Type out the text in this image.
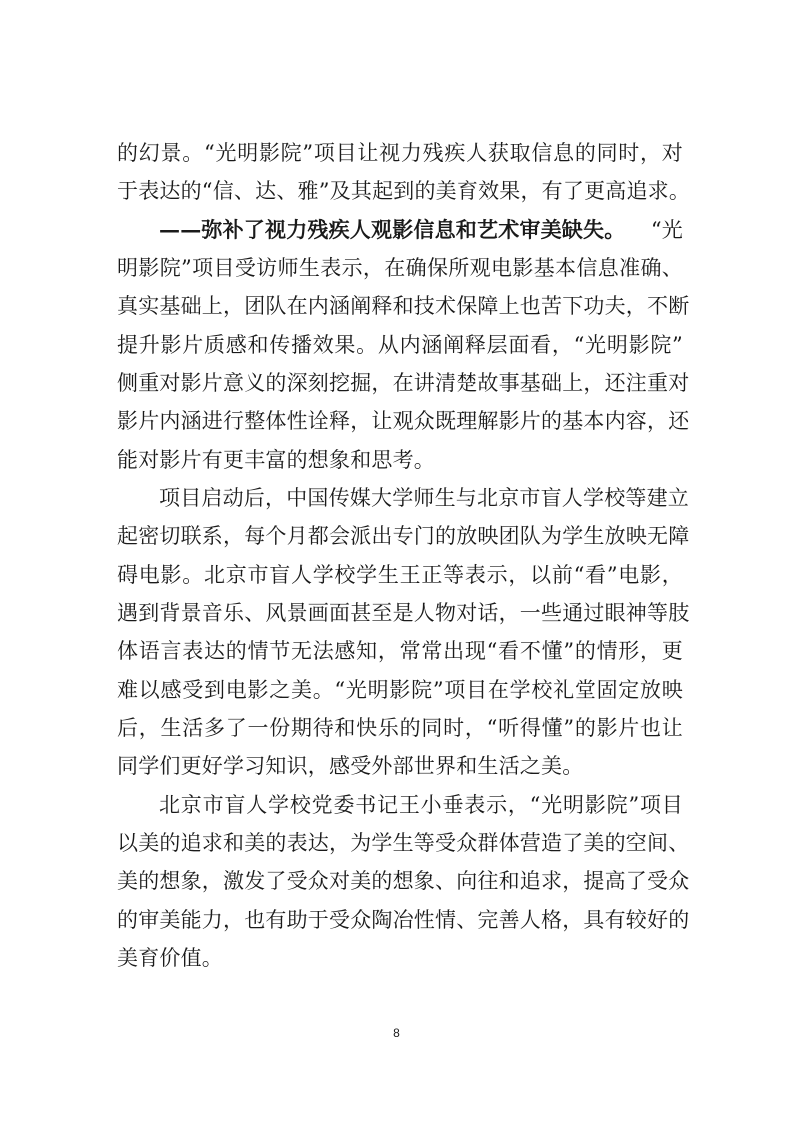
的幻景。“光明影院”项目让视力残疾人获取信息的同时，对
于表达的“信、达、雅”及其起到的美育效果，有了更高追求。
——弥补了视力残疾人观影信息和艺术审美缺失。 “光
明影院”项目受访师生表示，在确保所观电影基本信息准确、
真实基础上，团队在内涵阐释和技术保障上也苦下功夫，不断
提升影片质感和传播效果。从内涵阐释层面看，“光明影院”
侧重对影片意义的深刻挖掘，在讲清楚故事基础上，还注重对
影片内涵进行整体性诠释，让观众既理解影片的基本内容，还
能对影片有更丰富的想象和思考。
项目启动后，中国传媒大学师生与北京市盲人学校等建立
起密切联系，每个月都会派出专门的放映团队为学生放映无障
碍电影。北京市盲人学校学生王正等表示，以前“看”电影，
遇到背景音乐、风景画面甚至是人物对话，一些通过眼神等肢
体语言表达的情节无法感知，常常出现“看不懂”的情形，更
难以感受到电影之美。“光明影院”项目在学校礼堂固定放映
后，生活多了一份期待和快乐的同时，“听得懂”的影片也让
同学们更好学习知识，感受外部世界和生活之美。
北京市盲人学校党委书记王小垂表示，“光明影院”项目
以美的追求和美的表达，为学生等受众群体营造了美的空间、
美的想象，激发了受众对美的想象、向往和追求，提高了受众
的审美能力，也有助于受众陶冶性情、完善人格，具有较好的
美育价值。
8
